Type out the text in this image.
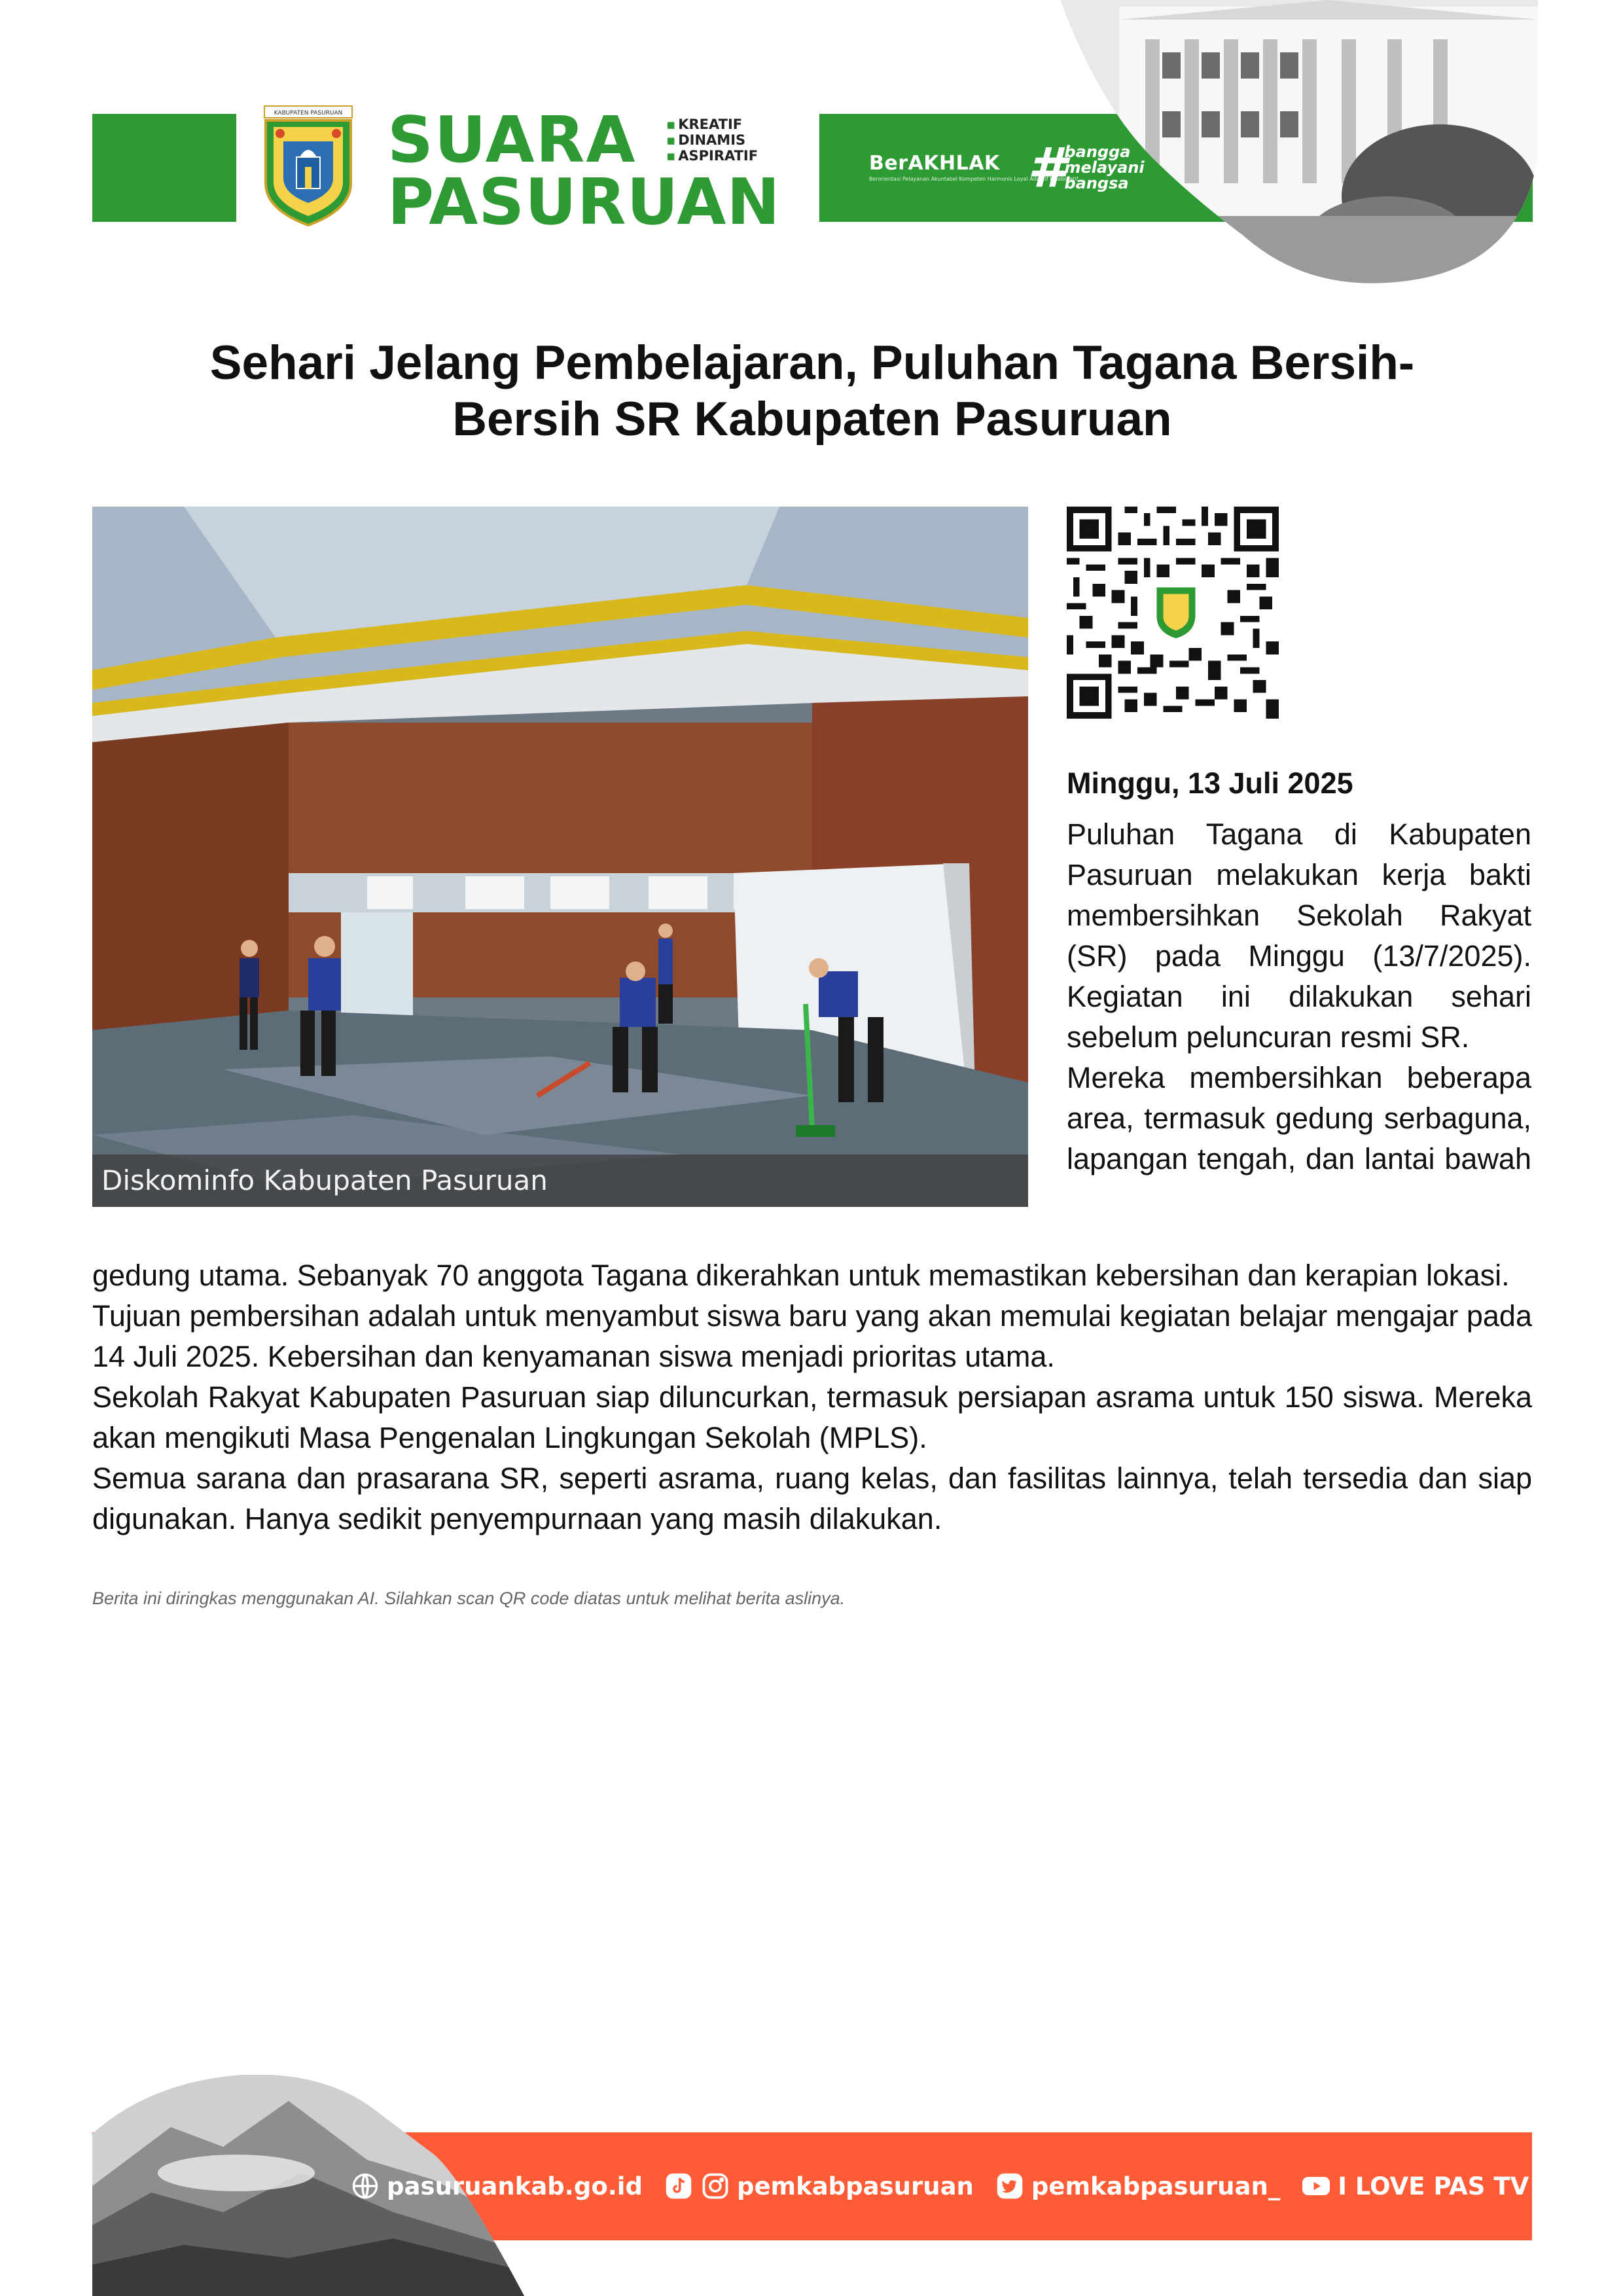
KABUPATEN PASURUAN SUARA
PASURUAN
▪ KREATIF
▪ DINAMIS
▪ ASPIRATIF	BerAKHLAK
Berorientasi Pelayanan Akuntabel Kompeten Harmonis Loyal Adaptif Kolaboratif
#
bangga
melayani
bangsa
Sehari Jelang Pembelajaran, Puluhan Tagana Bersih-
Bersih SR Kabupaten Pasuruan
Diskominfo Kabupaten Pasuruan
Minggu, 13 Juli 2025

Puluhan Tagana di Kabupaten Pasuruan melakukan kerja bakti membersihkan Sekolah Rakyat (SR) pada Minggu (13/7/2025). Kegiatan ini dilakukan sehari sebelum peluncuran resmi SR.

Mereka membersihkan beberapa area, termasuk gedung serbaguna, lapangan tengah, dan lantai bawah

gedung utama. Sebanyak 70 anggota Tagana dikerahkan untuk memastikan kebersihan dan kerapian lokasi.

Tujuan pembersihan adalah untuk menyambut siswa baru yang akan memulai kegiatan belajar mengajar pada 14 Juli 2025. Kebersihan dan kenyamanan siswa menjadi prioritas utama.

Sekolah Rakyat Kabupaten Pasuruan siap diluncurkan, termasuk persiapan asrama untuk 150 siswa. Mereka akan mengikuti Masa Pengenalan Lingkungan Sekolah (MPLS).

Semua sarana dan prasarana SR, seperti asrama, ruang kelas, dan fasilitas lainnya, telah tersedia dan siap digunakan. Hanya sedikit penyempurnaan yang masih dilakukan.

Berita ini diringkas menggunakan AI. Silahkan scan QR code diatas untuk melihat berita aslinya.
pasuruankab.go.id	pemkabpasuruan pemkabpasuruan_ I LOVE PAS TV
